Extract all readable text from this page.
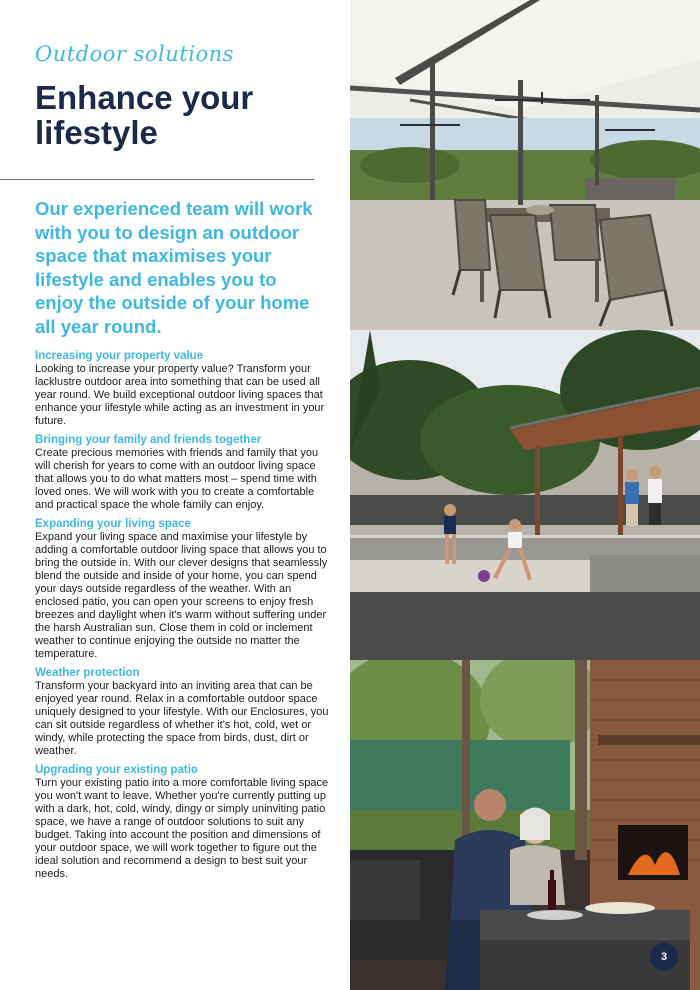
Outdoor solutions
Enhance your lifestyle

Our experienced team will work with you to design an outdoor space that maximises your lifestyle and enables you to enjoy the outside of your home all year round.

Increasing your property value

Looking to increase your property value? Transform your lacklustre outdoor area into something that can be used all year round. We build exceptional outdoor living spaces that enhance your lifestyle while acting as an investment in your future.

Bringing your family and friends together

Create precious memories with friends and family that you will cherish for years to come with an outdoor living space that allows you to do what matters most – spend time with loved ones. We will work with you to create a comfortable and practical space the whole family can enjoy.

Expanding your living space

Expand your living space and maximise your lifestyle by adding a comfortable outdoor living space that allows you to bring the outside in. With our clever designs that seamlessly blend the outside and inside of your home, you can spend your days outside regardless of the weather. With an enclosed patio, you can open your screens to enjoy fresh breezes and daylight when it's warm without suffering under the harsh Australian sun. Close them in cold or inclement weather to continue enjoying the outside no matter the temperature.

Weather protection

Transform your backyard into an inviting area that can be enjoyed year round. Relax in a comfortable outdoor space uniquely designed to your lifestyle. With our Enclosures, you can sit outside regardless of whether it's hot, cold, wet or windy, while protecting the space from birds, dust, dirt or weather.

Upgrading your existing patio

Turn your existing patio into a more comfortable living space you won't want to leave. Whether you're currently putting up with a dark, hot, cold, windy, dingy or simply uninviting patio space, we have a range of outdoor solutions to suit any budget. Taking into account the position and dimensions of your outdoor space, we will work together to figure out the ideal solution and recommend a design to best suit your needs.

3
